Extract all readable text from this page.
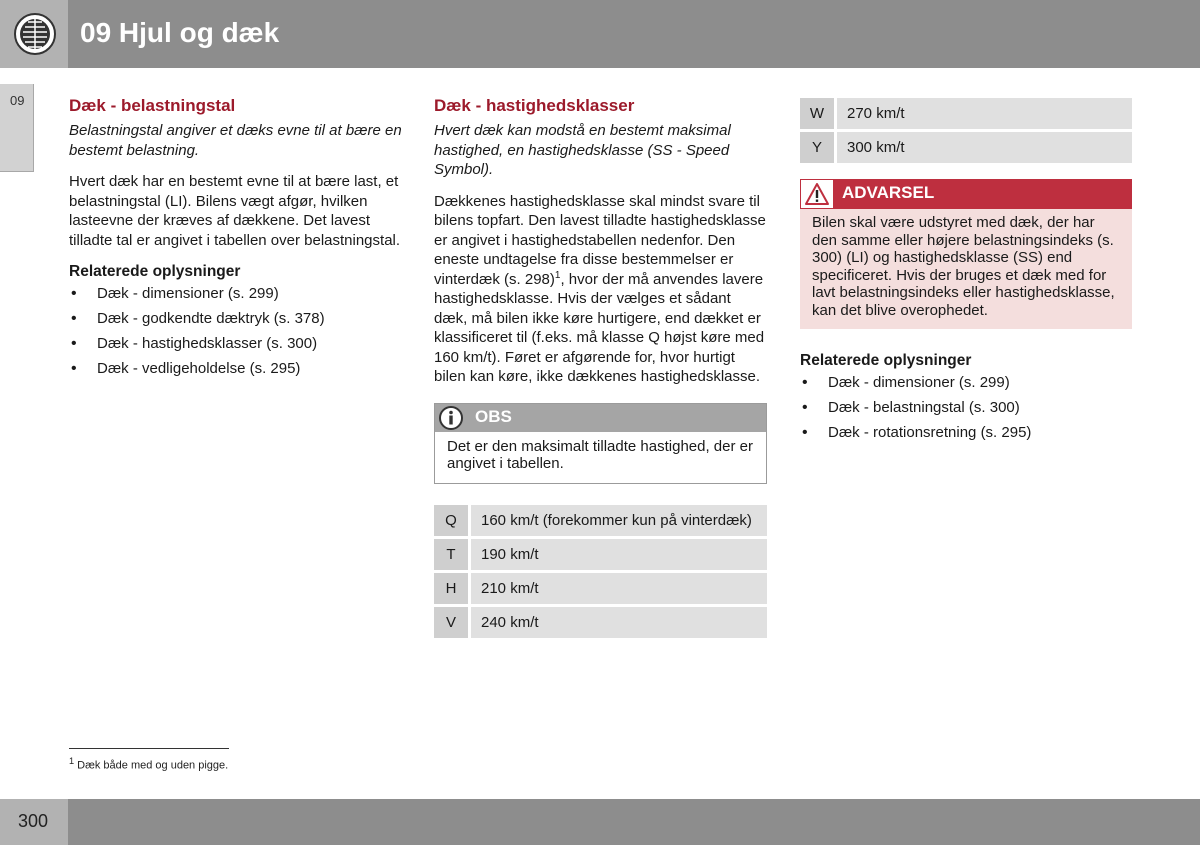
09 Hjul og dæk
09	Dæk - belastningstal

Belastningstal angiver et dæks evne til at bære en bestemt belastning.

Hvert dæk har en bestemt evne til at bære last, et belastningstal (LI). Bilens vægt afgør, hvilken lasteevne der kræves af dækkene. Det lavest tilladte tal er angivet i tabellen over belastningstal.

Relaterede oplysninger
• Dæk - dimensioner (s. 299)
• Dæk - godkendte dæktryk (s. 378)
• Dæk - hastighedsklasser (s. 300)
• Dæk - vedligeholdelse (s. 295)
Dæk - hastighedsklasser

Hvert dæk kan modstå en bestemt maksimal hastighed, en hastighedsklasse (SS - Speed Symbol).

Dækkenes hastighedsklasse skal mindst svare til bilens topfart. Den lavest tilladte hastighedsklasse er angivet i hastighedstabellen nedenfor. Den eneste undtagelse fra disse bestemmelser er vinterdæk (s. 298)$^1$, hvor der må anvendes lavere hastighedsklasse. Hvis der vælges et sådant dæk, må bilen ikke køre hurtigere, end dækket er klassificeret til (f.eks. må klasse Q højst køre med 160 km/t). Føret er afgørende for, hvor hurtigt bilen kan køre, ikke dækkenes hastighedsklasse.

OBS
Det er den maksimalt tilladte hastighed, der er angivet i tabellen.
Q	160 km/t (forekommer kun på vinterdæk)
T	190 km/t
H	210 km/t
V	240 km/t
W	270 km/t
Y	300 km/t
ADVARSEL
Bilen skal være udstyret med dæk, der har den samme eller højere belastningsindeks (s. 300) (LI) og hastighedsklasse (SS) end specificeret. Hvis der bruges et dæk med for lavt belastningsindeks eller hastighedsklasse, kan det blive overophedet.
Relaterede oplysninger
• Dæk - dimensioner (s. 299)
• Dæk - belastningstal (s. 300)
• Dæk - rotationsretning (s. 295)
$^1$ Dæk både med og uden pigge.
300
